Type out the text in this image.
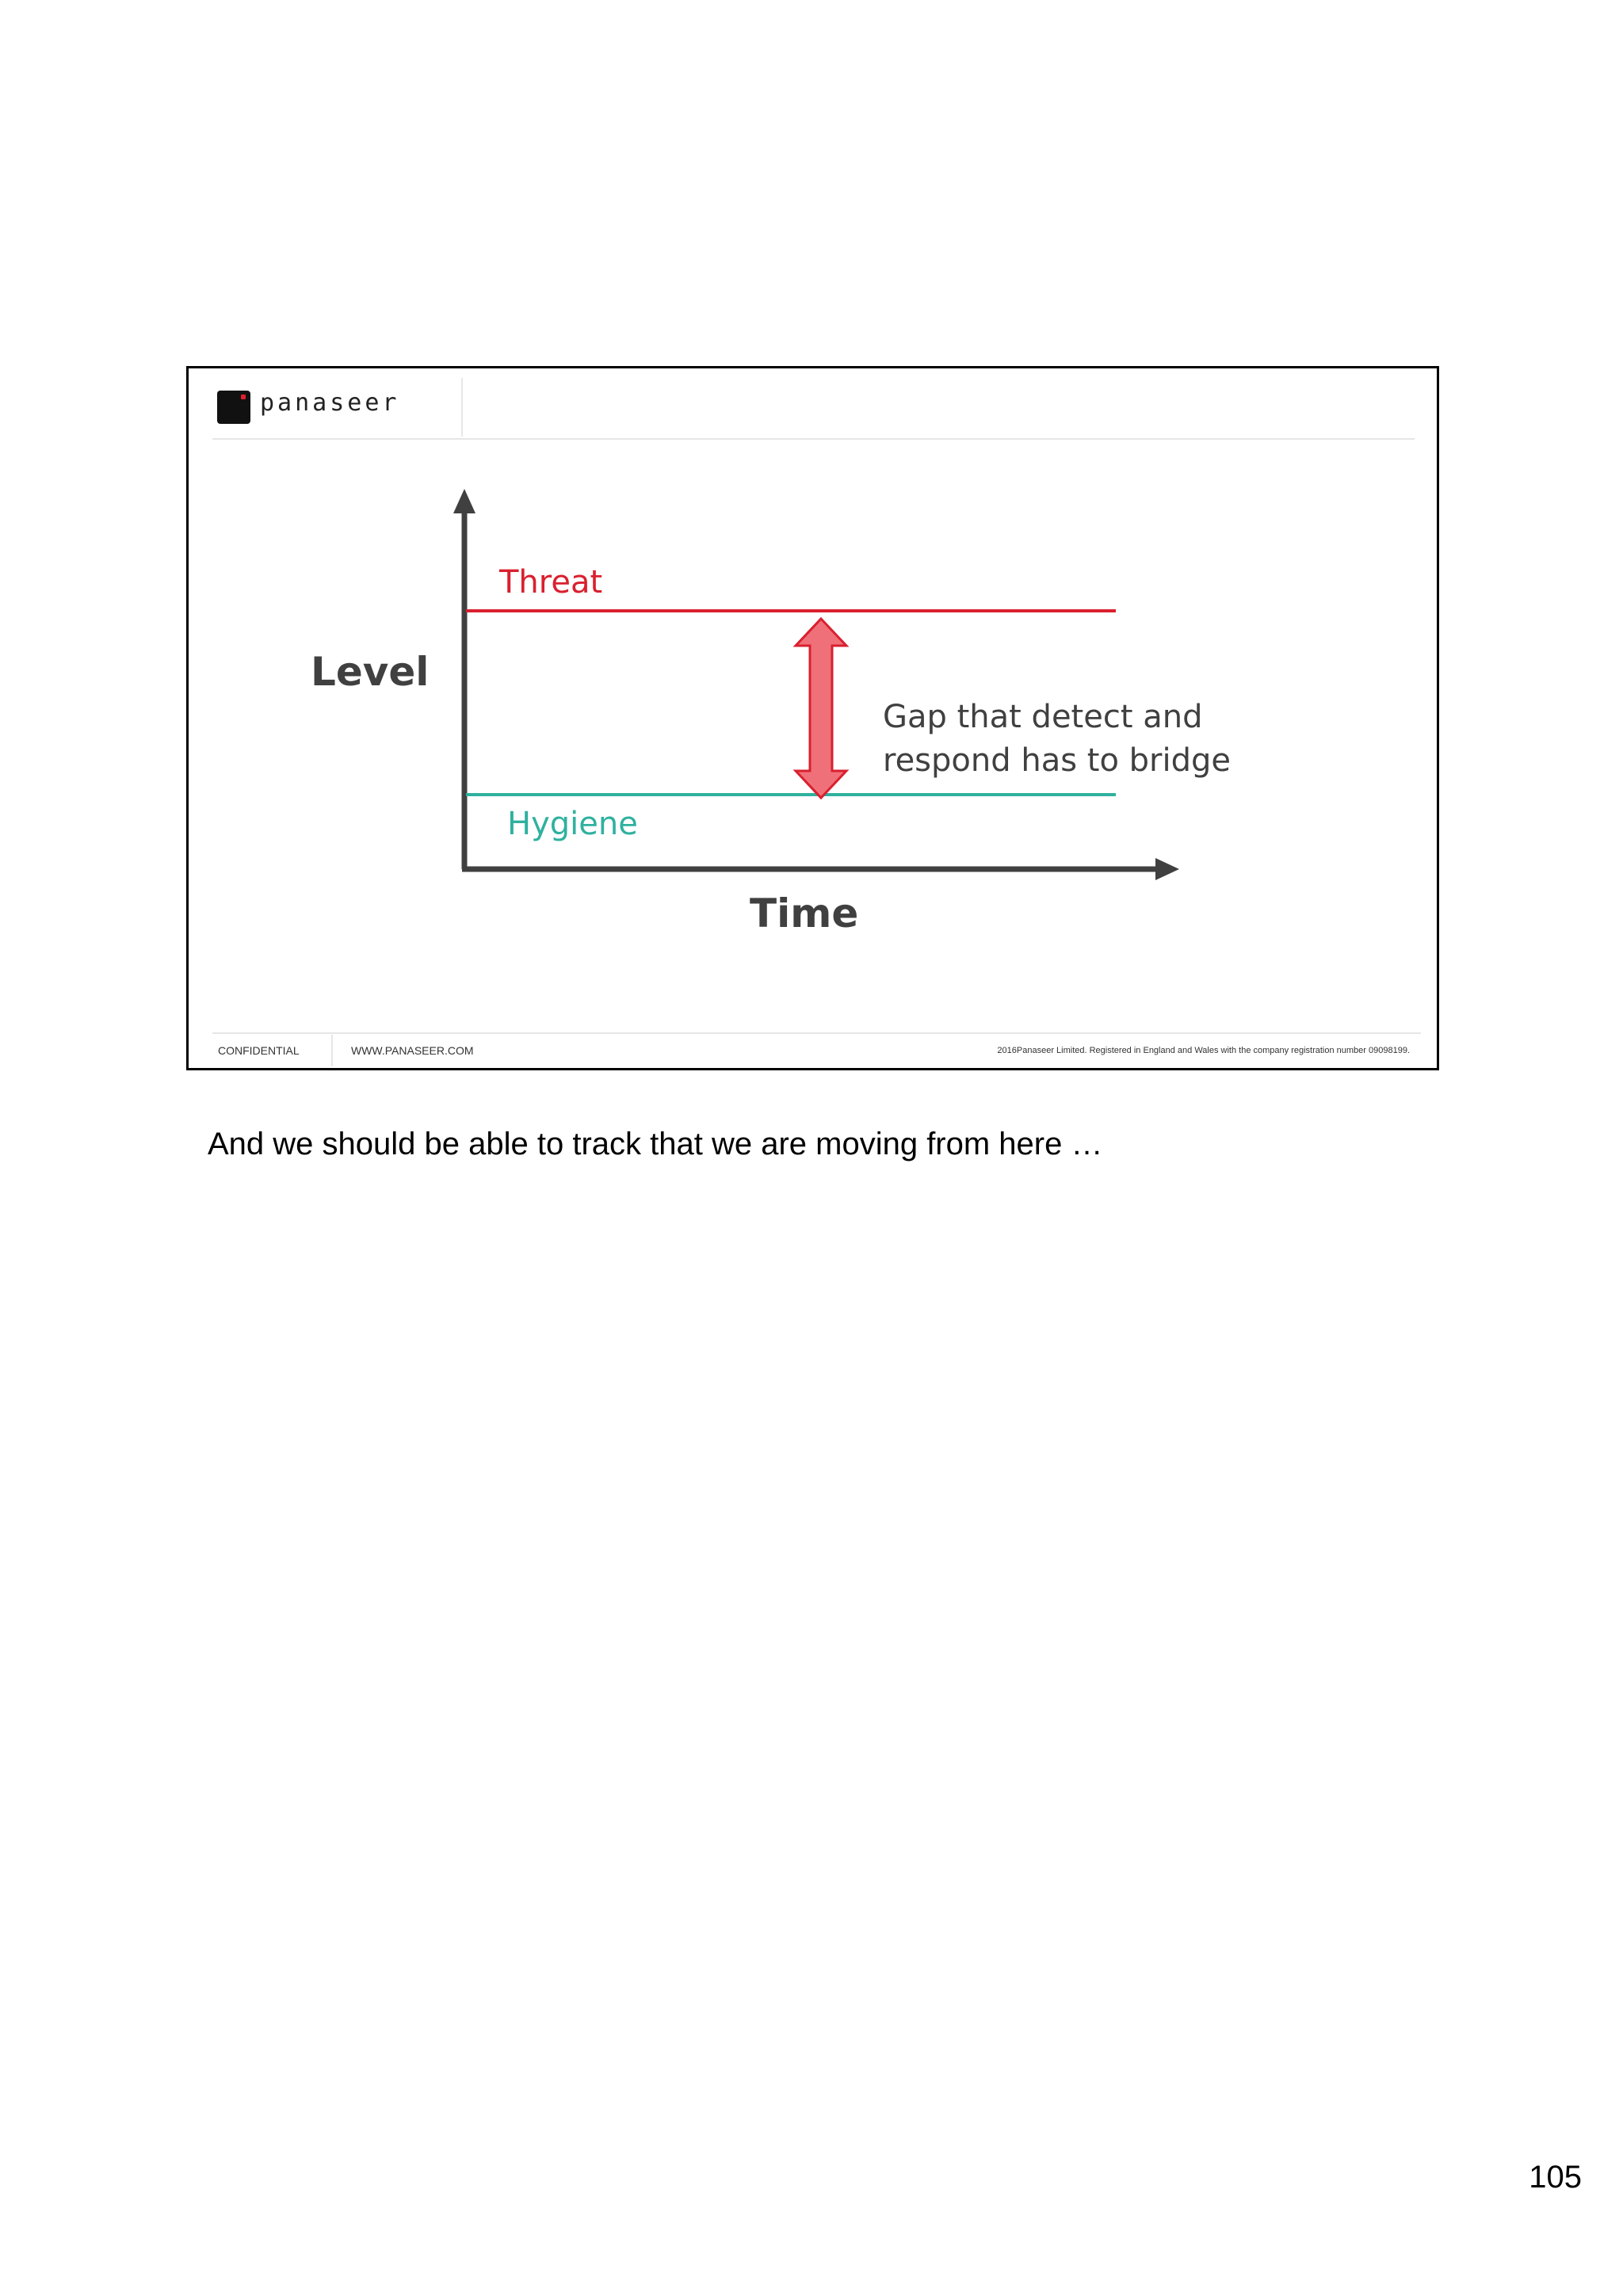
panaseer
Level
Time
Threat
Hygiene
Gap that detect and
respond has to bridge
CONFIDENTIAL	WWW.PANASEER.COM	2016Panaseer Limited. Registered in England and Wales with the company registration number 09098199.
And we should be able to track that we are moving from here …
105
